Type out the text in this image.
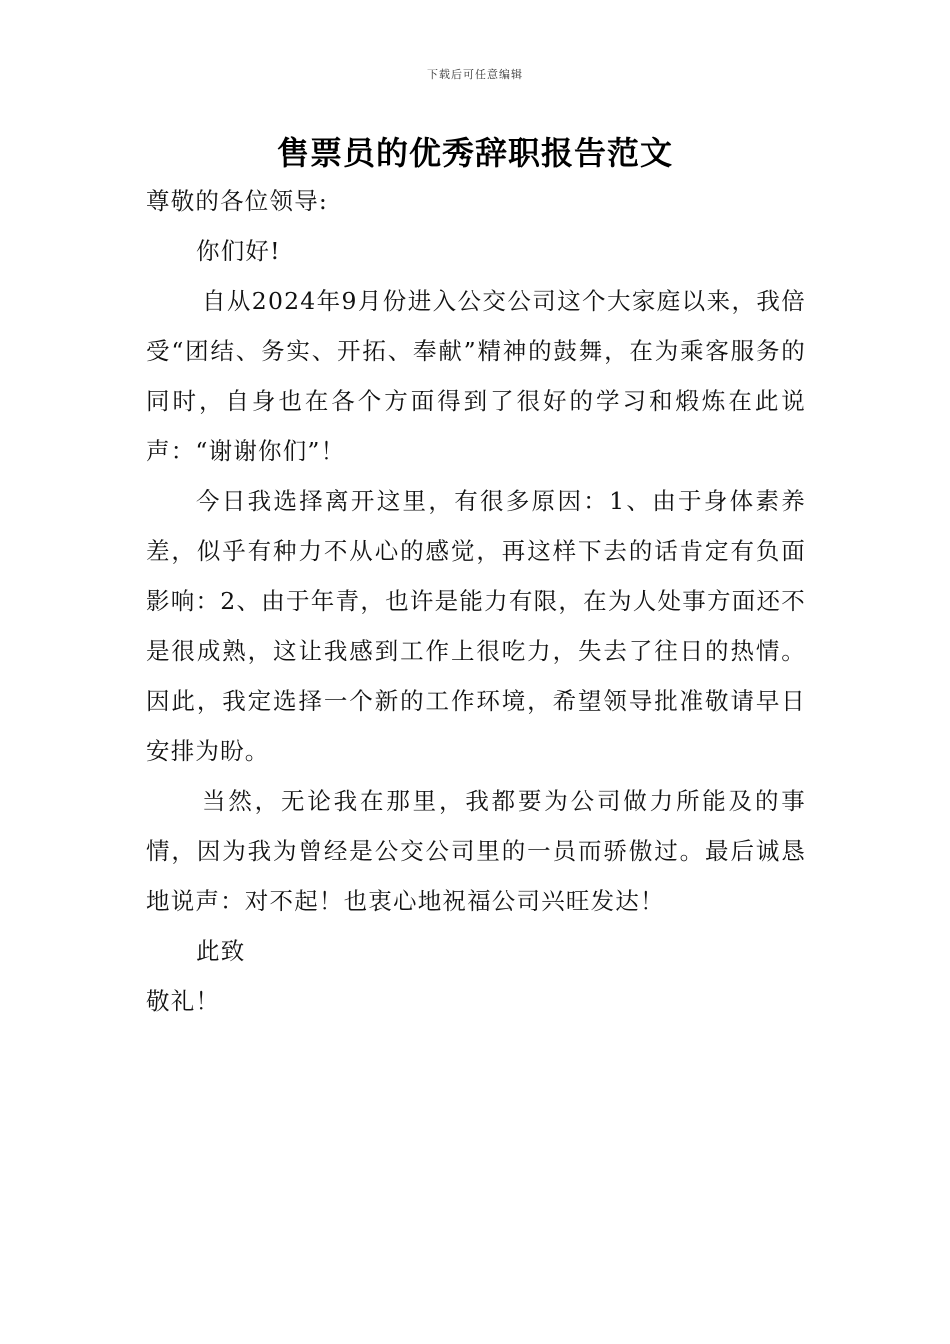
下载后可任意编辑
售票员的优秀辞职报告范文

尊敬的各位领导:

你们好!

自从2024年9月份进入公交公司这个大家庭以来，我倍受“团结、务实、开拓、奉献”精神的鼓舞，在为乘客服务的同时，自身也在各个方面得到了很好的学习和煅炼在此说声：“谢谢你们”！

今日我选择离开这里，有很多原因：1、由于身体素养差，似乎有种力不从心的感觉，再这样下去的话肯定有负面影响：2、由于年青，也许是能力有限，在为人处事方面还不是很成熟，这让我感到工作上很吃力，失去了往日的热情。因此，我定选择一个新的工作环境，希望领导批准敬请早日安排为盼。

当然，无论我在那里，我都要为公司做力所能及的事情，因为我为曾经是公交公司里的一员而骄傲过。最后诚恳地说声：对不起！也衷心地祝福公司兴旺发达！

此致

敬礼！
